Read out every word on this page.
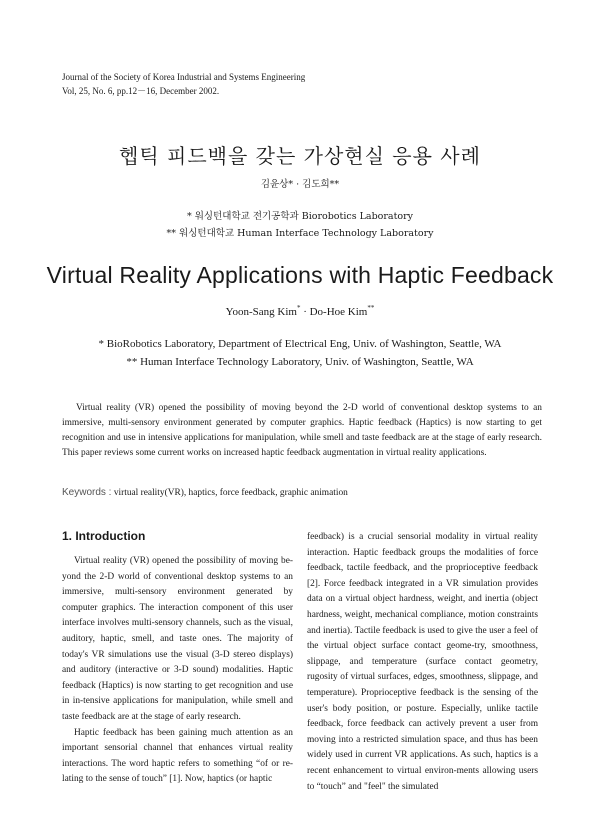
Journal of the Society of Korea Industrial and Systems Engineering
Vol, 25, No. 6, pp.12－16, December 2002.
헵틱 피드백을 갖는 가상현실 응용 사례
김윤상* · 김도희**
* 워싱턴대학교 전기공학과 Biorobotics Laboratory
** 워싱턴대학교 Human Interface Technology Laboratory
Virtual Reality Applications with Haptic Feedback
Yoon-Sang Kim* · Do-Hoe Kim**
* BioRobotics Laboratory, Department of Electrical Eng, Univ. of Washington, Seattle, WA
** Human Interface Technology Laboratory, Univ. of Washington, Seattle, WA
Virtual reality (VR) opened the possibility of moving beyond the 2-D world of conventional desktop systems to an immersive, multi-sensory environment generated by computer graphics. Haptic feedback (Haptics) is now starting to get recognition and use in intensive applications for manipulation, while smell and taste feedback are at the stage of early research. This paper reviews some current works on increased haptic feedback augmentation in virtual reality applications.
Keywords : virtual reality(VR), haptics, force feedback, graphic animation
1. Introduction

Virtual reality (VR) opened the possibility of moving be-yond the 2-D world of conventional desktop systems to an immersive, multi-sensory environment generated by computer graphics. The interaction component of this user interface involves multi-sensory channels, such as the visual, auditory, haptic, smell, and taste ones. The majority of today's VR simulations use the visual (3-D stereo displays) and auditory (interactive or 3-D sound) modalities. Haptic feedback (Haptics) is now starting to get recognition and use in in-tensive applications for manipulation, while smell and taste feedback are at the stage of early research.

Haptic feedback has been gaining much attention as an important sensorial channel that enhances virtual reality interactions. The word haptic refers to something “of or re-lating to the sense of touch” [1]. Now, haptics (or haptic

feedback) is a crucial sensorial modality in virtual reality interaction. Haptic feedback groups the modalities of force feedback, tactile feedback, and the proprioceptive feedback [2]. Force feedback integrated in a VR simulation provides data on a virtual object hardness, weight, and inertia (object hardness, weight, mechanical compliance, motion constraints and inertia). Tactile feedback is used to give the user a feel of the virtual object surface contact geome-try, smoothness, slippage, and temperature (surface contact geometry, rugosity of virtual surfaces, edges, smoothness, slippage, and temperature). Proprioceptive feedback is the sensing of the user's body position, or posture. Especially, unlike tactile feedback, force feedback can actively prevent a user from moving into a restricted simulation space, and thus has been widely used in current VR applications. As such, haptics is a recent enhancement to virtual environ-ments allowing users to “touch” and "feel" the simulated
